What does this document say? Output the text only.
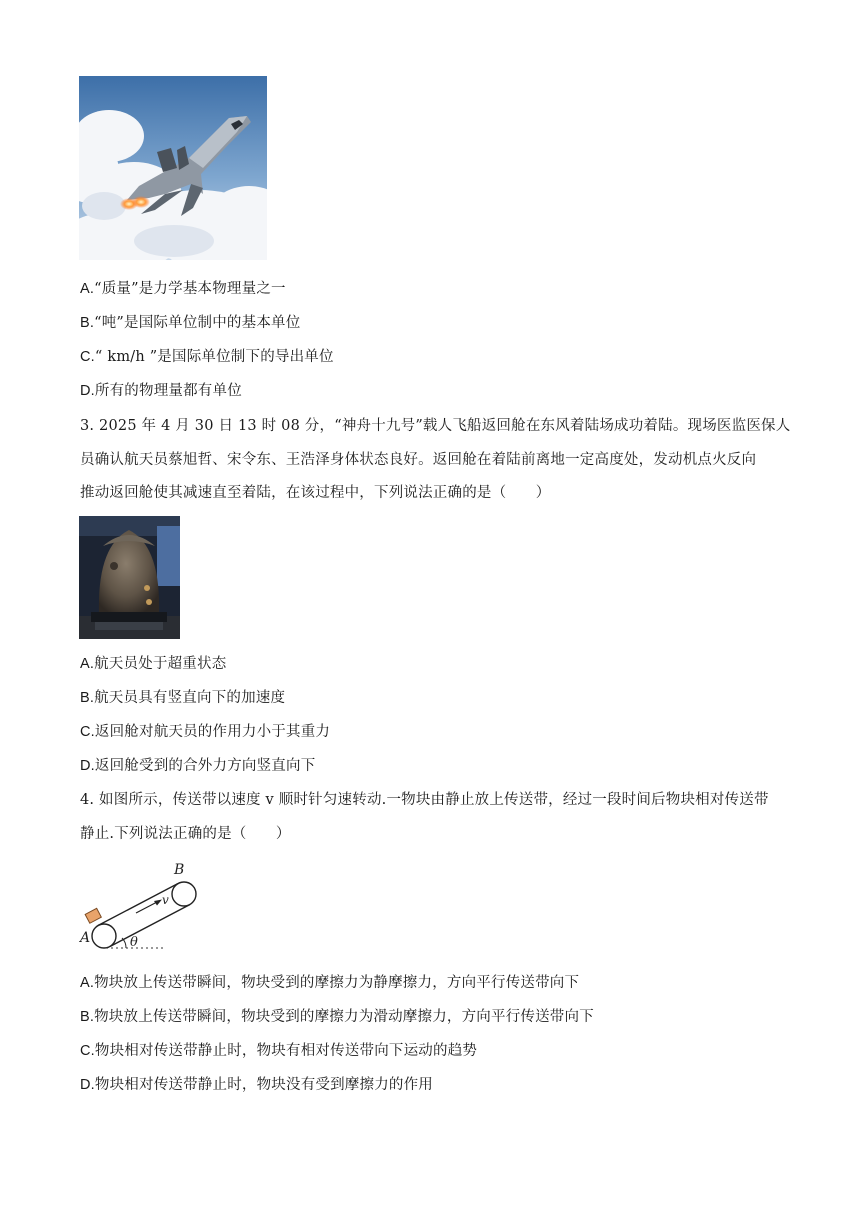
A.“质量”是力学基本物理量之一
B.“吨”是国际单位制中的基本单位
C.“ km/h ”是国际单位制下的导出单位
D.所有的物理量都有单位
3. 2025 年 4 月 30 日 13 时 08 分，“神舟十九号”载人飞船返回舱在东风着陆场成功着陆。现场医监医保人
员确认航天员蔡旭哲、宋令东、王浩泽身体状态良好。返回舱在着陆前离地一定高度处，发动机点火反向
推动返回舱使其减速直至着陆，在该过程中，下列说法正确的是（　　）
A.航天员处于超重状态
B.航天员具有竖直向下的加速度
C.返回舱对航天员的作用力小于其重力
D.返回舱受到的合外力方向竖直向下
4. 如图所示，传送带以速度 v 顺时针匀速转动.一物块由静止放上传送带，经过一段时间后物块相对传送带
静止.下列说法正确的是（　　）
A
B
v
θ
A.物块放上传送带瞬间，物块受到的摩擦力为静摩擦力，方向平行传送带向下
B.物块放上传送带瞬间，物块受到的摩擦力为滑动摩擦力，方向平行传送带向下
C.物块相对传送带静止时，物块有相对传送带向下运动的趋势
D.物块相对传送带静止时，物块没有受到摩擦力的作用
